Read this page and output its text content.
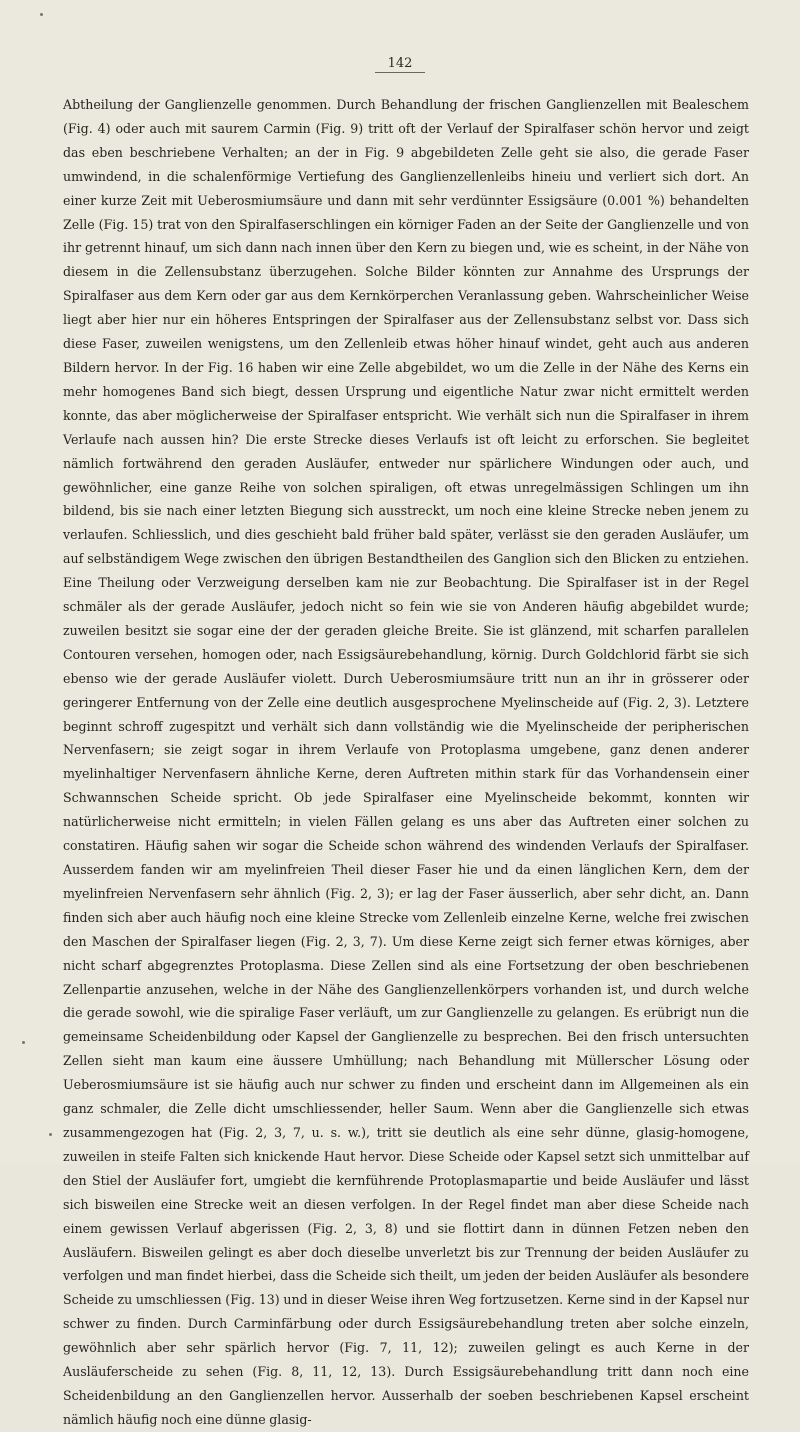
142

Abtheilung der Ganglienzelle genommen. Durch Behandlung der frischen Ganglienzellen mit Bealeschem (Fig. 4) oder auch mit saurem Carmin (Fig. 9) tritt oft der Verlauf der Spiralfaser schön hervor und zeigt das eben beschriebene Verhalten; an der in Fig. 9 abgebildeten Zelle geht sie also, die gerade Faser umwindend, in die schalenförmige Vertiefung des Ganglienzellenleibs hineiu und verliert sich dort. An einer kurze Zeit mit Ueberosmiumsäure und dann mit sehr verdünnter Essigsäure (0.001 %) behandelten Zelle (Fig. 15) trat von den Spiralfaserschlingen ein körniger Faden an der Seite der Ganglienzelle und von ihr getrennt hinauf, um sich dann nach innen über den Kern zu biegen und, wie es scheint, in der Nähe von diesem in die Zellensubstanz überzugehen. Solche Bilder könnten zur Annahme des Ursprungs der Spiralfaser aus dem Kern oder gar aus dem Kernkörperchen Veranlassung geben. Wahrscheinlicher Weise liegt aber hier nur ein höheres Entspringen der Spiralfaser aus der Zellensubstanz selbst vor. Dass sich diese Faser, zuweilen wenigstens, um den Zellenleib etwas höher hinauf windet, geht auch aus anderen Bildern hervor. In der Fig. 16 haben wir eine Zelle abgebildet, wo um die Zelle in der Nähe des Kerns ein mehr homogenes Band sich biegt, dessen Ursprung und eigentliche Natur zwar nicht ermittelt werden konnte, das aber möglicherweise der Spiralfaser entspricht. Wie verhält sich nun die Spiralfaser in ihrem Verlaufe nach aussen hin? Die erste Strecke dieses Verlaufs ist oft leicht zu erforschen. Sie begleitet nämlich fortwährend den geraden Ausläufer, entweder nur spärlichere Windungen oder auch, und gewöhnlicher, eine ganze Reihe von solchen spiraligen, oft etwas unregelmässigen Schlingen um ihn bildend, bis sie nach einer letzten Biegung sich ausstreckt, um noch eine kleine Strecke neben jenem zu verlaufen. Schliesslich, und dies geschieht bald früher bald später, verlässt sie den geraden Ausläufer, um auf selbständigem Wege zwischen den übrigen Bestandtheilen des Ganglion sich den Blicken zu entziehen. Eine Theilung oder Verzweigung derselben kam nie zur Beobachtung. Die Spiralfaser ist in der Regel schmäler als der gerade Ausläufer, jedoch nicht so fein wie sie von Anderen häufig abgebildet wurde; zuweilen besitzt sie sogar eine der der geraden gleiche Breite. Sie ist glänzend, mit scharfen parallelen Contouren versehen, homogen oder, nach Essigsäurebehandlung, körnig. Durch Goldchlorid färbt sie sich ebenso wie der gerade Ausläufer violett. Durch Ueberosmiumsäure tritt nun an ihr in grösserer oder geringerer Entfernung von der Zelle eine deutlich ausgesprochene Myelinscheide auf (Fig. 2, 3). Letztere beginnt schroff zugespitzt und verhält sich dann vollständig wie die Myelinscheide der peripherischen Nervenfasern; sie zeigt sogar in ihrem Verlaufe von Protoplasma umgebene, ganz denen anderer myelinhaltiger Nervenfasern ähnliche Kerne, deren Auftreten mithin stark für das Vorhandensein einer Schwannschen Scheide spricht. Ob jede Spiralfaser eine Myelinscheide bekommt, konnten wir natürlicherweise nicht ermitteln; in vielen Fällen gelang es uns aber das Auftreten einer solchen zu constatiren. Häufig sahen wir sogar die Scheide schon während des windenden Verlaufs der Spiralfaser. Ausserdem fanden wir am myelinfreien Theil dieser Faser hie und da einen länglichen Kern, dem der myelinfreien Nervenfasern sehr ähnlich (Fig. 2, 3); er lag der Faser äusserlich, aber sehr dicht, an. Dann finden sich aber auch häufig noch eine kleine Strecke vom Zellenleib einzelne Kerne, welche frei zwischen den Maschen der Spiralfaser liegen (Fig. 2, 3, 7). Um diese Kerne zeigt sich ferner etwas körniges, aber nicht scharf abgegrenztes Protoplasma. Diese Zellen sind als eine Fortsetzung der oben beschriebenen Zellenpartie anzusehen, welche in der Nähe des Ganglienzellenkörpers vorhanden ist, und durch welche die gerade sowohl, wie die spiralige Faser verläuft, um zur Ganglienzelle zu gelangen. Es erübrigt nun die gemeinsame Scheidenbildung oder Kapsel der Ganglienzelle zu besprechen. Bei den frisch untersuchten Zellen sieht man kaum eine äussere Umhüllung; nach Behandlung mit Müllerscher Lösung oder Ueberosmiumsäure ist sie häufig auch nur schwer zu finden und erscheint dann im Allgemeinen als ein ganz schmaler, die Zelle dicht umschliessender, heller Saum. Wenn aber die Ganglienzelle sich etwas zusammengezogen hat (Fig. 2, 3, 7, u. s. w.), tritt sie deutlich als eine sehr dünne, glasig-homogene, zuweilen in steife Falten sich knickende Haut hervor. Diese Scheide oder Kapsel setzt sich unmittelbar auf den Stiel der Ausläufer fort, umgiebt die kernführende Protoplasmapartie und beide Ausläufer und lässt sich bisweilen eine Strecke weit an diesen verfolgen. In der Regel findet man aber diese Scheide nach einem gewissen Verlauf abgerissen (Fig. 2, 3, 8) und sie flottirt dann in dünnen Fetzen neben den Ausläufern. Bisweilen gelingt es aber doch dieselbe unverletzt bis zur Trennung der beiden Ausläufer zu verfolgen und man findet hierbei, dass die Scheide sich theilt, um jeden der beiden Ausläufer als besondere Scheide zu umschliessen (Fig. 13) und in dieser Weise ihren Weg fortzusetzen. Kerne sind in der Kapsel nur schwer zu finden. Durch Carminfärbung oder durch Essigsäurebehandlung treten aber solche einzeln, gewöhnlich aber sehr spärlich hervor (Fig. 7, 11, 12); zuweilen gelingt es auch Kerne in der Ausläuferscheide zu sehen (Fig. 8, 11, 12, 13). Durch Essigsäurebehandlung tritt dann noch eine Scheidenbildung an den Ganglienzellen hervor. Ausserhalb der soeben beschriebenen Kapsel erscheint nämlich häufig noch eine dünne glasig-
